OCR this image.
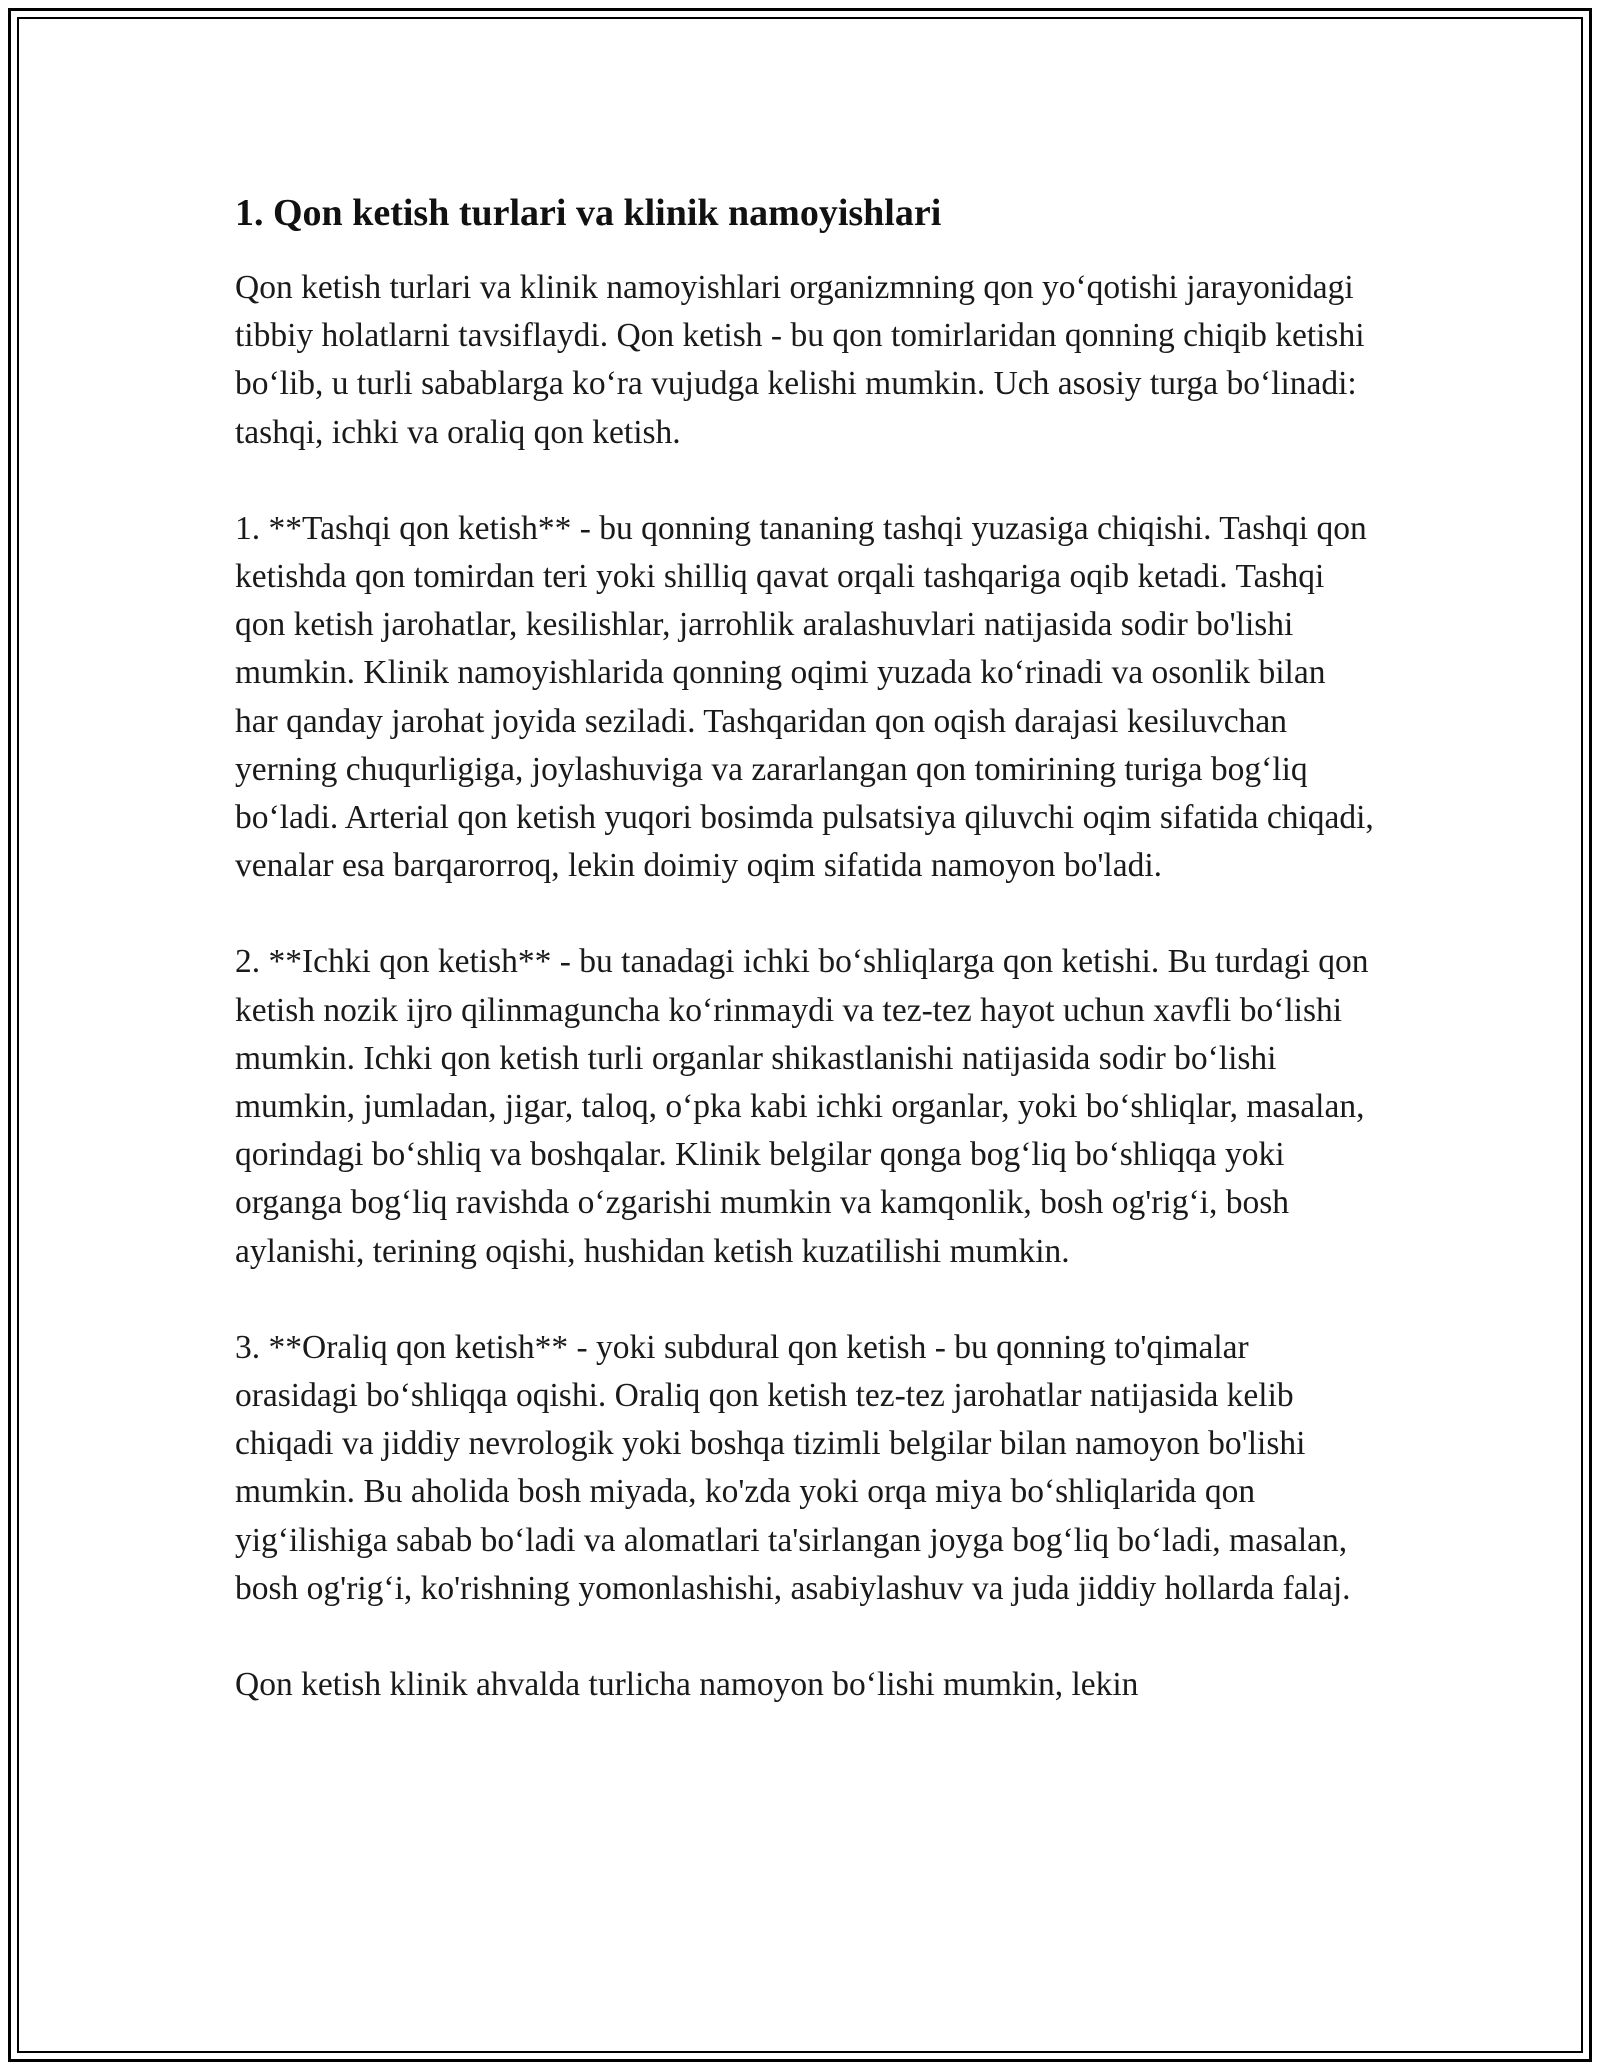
1. Qon ketish turlari va klinik namoyishlari

Qon ketish turlari va klinik namoyishlari organizmning qon yo‘qotishi jarayonidagi tibbiy holatlarni tavsiflaydi. Qon ketish - bu qon tomirlaridan qonning chiqib ketishi bo‘lib, u turli sabablarga ko‘ra vujudga kelishi mumkin. Uch asosiy turga bo‘linadi: tashqi, ichki va oraliq qon ketish.

1. **Tashqi qon ketish** - bu qonning tananing tashqi yuzasiga chiqishi. Tashqi qon ketishda qon tomirdan teri yoki shilliq qavat orqali tashqariga oqib ketadi. Tashqi qon ketish jarohatlar, kesilishlar, jarrohlik aralashuvlari natijasida sodir bo'lishi mumkin. Klinik namoyishlarida qonning oqimi yuzada ko‘rinadi va osonlik bilan har qanday jarohat joyida seziladi. Tashqaridan qon oqish darajasi kesiluvchan yerning chuqurligiga, joylashuviga va zararlangan qon tomirining turiga bog‘liq bo‘ladi. Arterial qon ketish yuqori bosimda pulsatsiya qiluvchi oqim sifatida chiqadi, venalar esa barqarorroq, lekin doimiy oqim sifatida namoyon bo'ladi.

2. **Ichki qon ketish** - bu tanadagi ichki bo‘shliqlarga qon ketishi. Bu turdagi qon ketish nozik ijro qilinmaguncha ko‘rinmaydi va tez-tez hayot uchun xavfli bo‘lishi mumkin. Ichki qon ketish turli organlar shikastlanishi natijasida sodir bo‘lishi mumkin, jumladan, jigar, taloq, o‘pka kabi ichki organlar, yoki bo‘shliqlar, masalan, qorindagi bo‘shliq va boshqalar. Klinik belgilar qonga bog‘liq bo‘shliqqa yoki organga bog‘liq ravishda o‘zgarishi mumkin va kamqonlik, bosh og'rig‘i, bosh aylanishi, terining oqishi, hushidan ketish kuzatilishi mumkin.

3. **Oraliq qon ketish** - yoki subdural qon ketish - bu qonning to'qimalar orasidagi bo‘shliqqa oqishi. Oraliq qon ketish tez-tez jarohatlar natijasida kelib chiqadi va jiddiy nevrologik yoki boshqa tizimli belgilar bilan namoyon bo'lishi mumkin. Bu aholida bosh miyada, ko'zda yoki orqa miya bo‘shliqlarida qon yig‘ilishiga sabab bo‘ladi va alomatlari ta'sirlangan joyga bog‘liq bo‘ladi, masalan, bosh og'rig‘i, ko'rishning yomonlashishi, asabiylashuv va juda jiddiy hollarda falaj.

Qon ketish klinik ahvalda turlicha namoyon bo‘lishi mumkin, lekin
